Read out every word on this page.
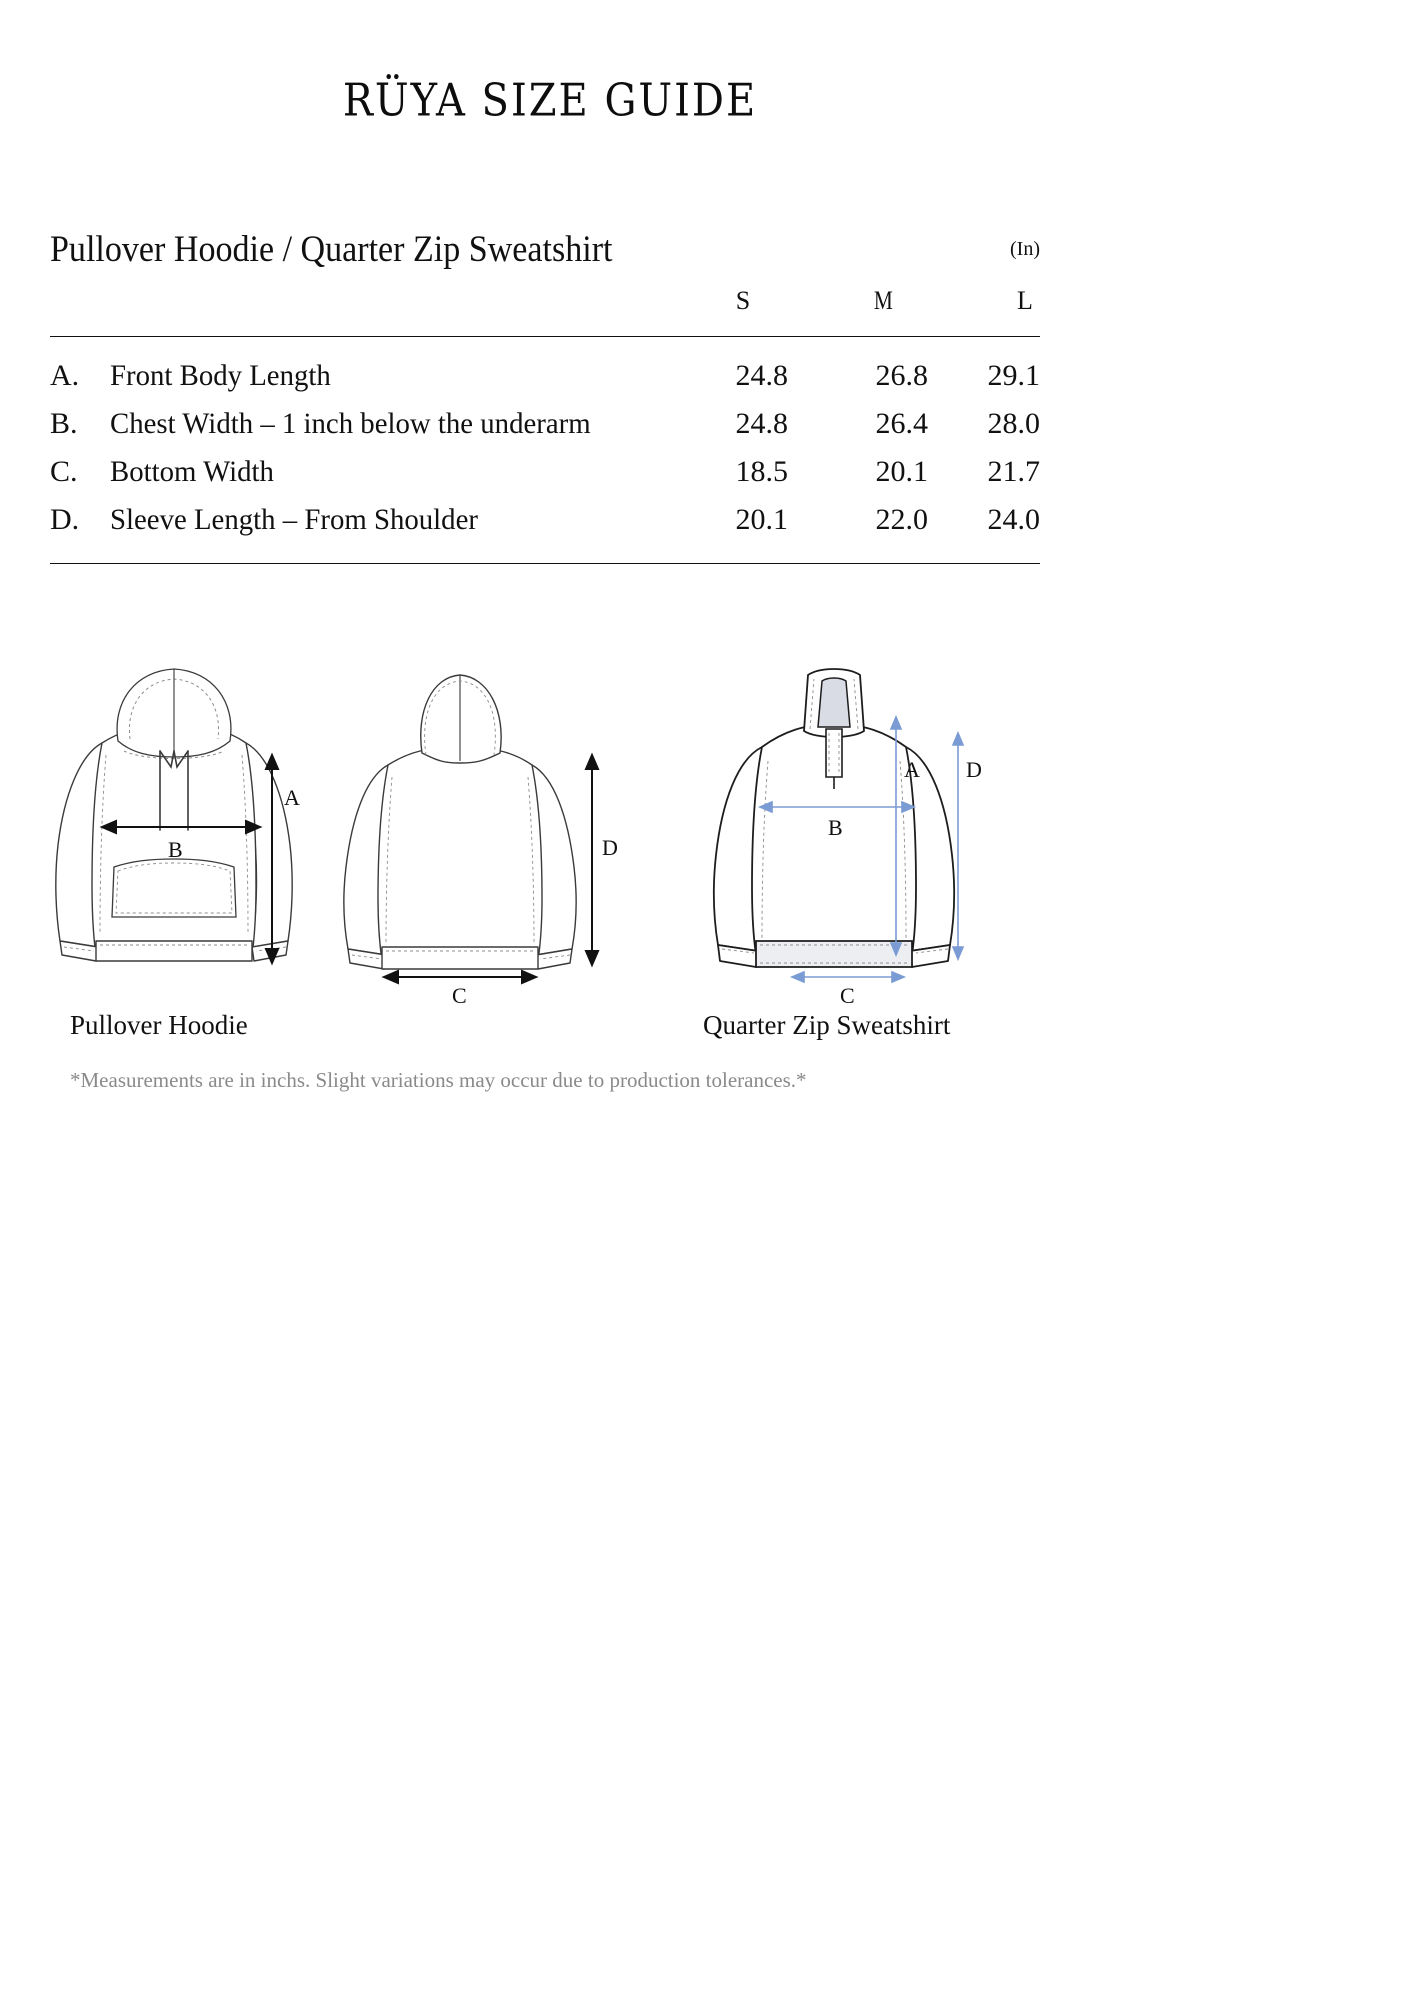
RÜYA SIZE GUIDE
Pullover Hoodie / Quarter Zip Sweatshirt	(In)
S	M	L
A.	Front Body Length	24.8	26.8	29.1
B.	Chest Width – 1 inch below the underarm	24.8	26.4	28.0
C.	Bottom Width	18.5	20.1	21.7
D.	Sleeve Length – From Shoulder	20.1	22.0	24.0
A
B	D
C
A D
B
C
Pullover Hoodie	Quarter Zip Sweatshirt
*Measurements are in inchs. Slight variations may occur due to production tolerances.*
